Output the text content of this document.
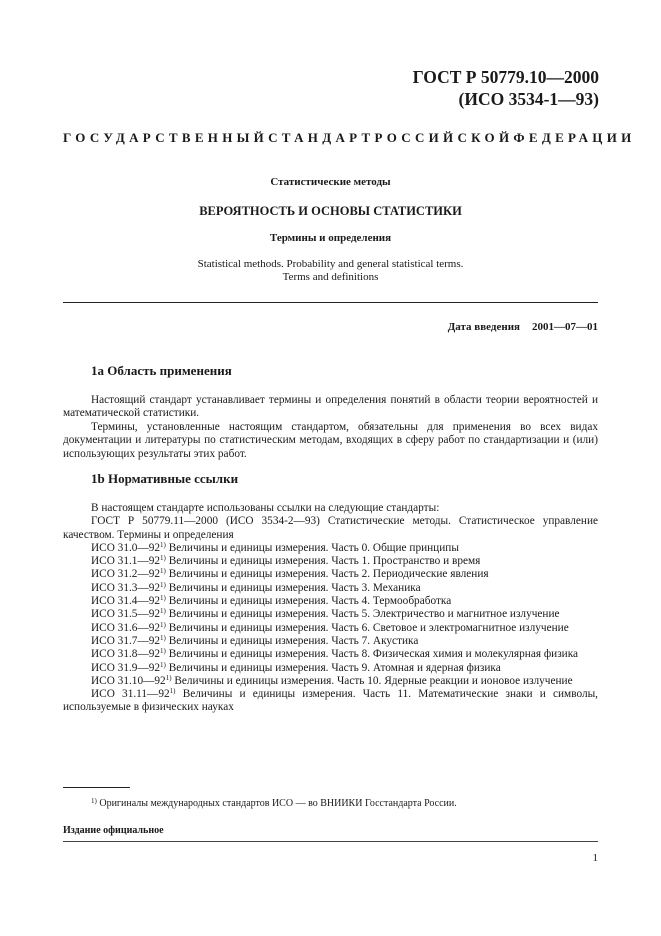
ГОСТ Р 50779.10—2000
(ИСО 3534-1—93)
ГОСУДАРСТВЕННЫЙ СТАНДАРТ РОССИЙСКОЙ ФЕДЕРАЦИИ
Статистические методы
ВЕРОЯТНОСТЬ И ОСНОВЫ СТАТИСТИКИ
Термины и определения
Statistical methods. Probability and general statistical terms.
Terms and definitions
Дата введения 2001—07—01
1a Область применения
Настоящий стандарт устанавливает термины и определения понятий в области теории вероятностей и математической статистики.
Термины, установленные настоящим стандартом, обязательны для применения во всех видах документации и литературы по статистическим методам, входящих в сферу работ по стандартизации и (или) использующих результаты этих работ.
1b Нормативные ссылки
В настоящем стандарте использованы ссылки на следующие стандарты:
ГОСТ Р 50779.11—2000 (ИСО 3534-2—93) Статистические методы. Статистическое управление качеством. Термины и определения
ИСО 31.0—92$^{1)}$ Величины и единицы измерения. Часть 0. Общие принципы
ИСО 31.1—92$^{1)}$ Величины и единицы измерения. Часть 1. Пространство и время
ИСО 31.2—92$^{1)}$ Величины и единицы измерения. Часть 2. Периодические явления
ИСО 31.3—92$^{1)}$ Величины и единицы измерения. Часть 3. Механика
ИСО 31.4—92$^{1)}$ Величины и единицы измерения. Часть 4. Термообработка
ИСО 31.5—92$^{1)}$ Величины и единицы измерения. Часть 5. Электричество и магнитное излучение
ИСО 31.6—92$^{1)}$ Величины и единицы измерения. Часть 6. Световое и электромагнитное излучение
ИСО 31.7—92$^{1)}$ Величины и единицы измерения. Часть 7. Акустика
ИСО 31.8—92$^{1)}$ Величины и единицы измерения. Часть 8. Физическая химия и молекулярная физика
ИСО 31.9—92$^{1)}$ Величины и единицы измерения. Часть 9. Атомная и ядерная физика
ИСО 31.10—92$^{1)}$ Величины и единицы измерения. Часть 10. Ядерные реакции и ионовое излучение
ИСО 31.11—92$^{1)}$ Величины и единицы измерения. Часть 11. Математические знаки и символы, используемые в физических науках
$^{1)}$ Оригиналы международных стандартов ИСО — во ВНИИКИ Госстандарта России.
Издание официальное
1
